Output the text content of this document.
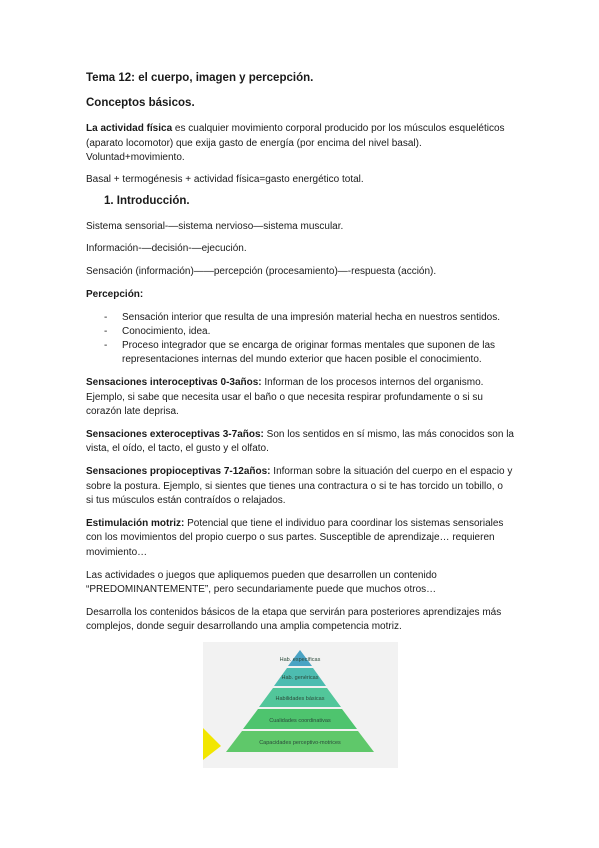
Tema 12: el cuerpo, imagen y percepción.
Conceptos básicos.
La actividad física es cualquier movimiento corporal producido por los músculos esqueléticos
(aparato locomotor) que exija gasto de energía (por encima del nivel basal).
Voluntad+movimiento.
Basal + termogénesis + actividad física=gasto energético total.
1. Introducción.
Sistema sensorial-—sistema nervioso—sistema muscular.
Información-—decisión-—ejecución.
Sensación (información)——percepción (procesamiento)—-respuesta (acción).
Percepción:
- Sensación interior que resulta de una impresión material hecha en nuestros sentidos.
- Conocimiento, idea.
- Proceso integrador que se encarga de originar formas mentales que suponen de las
representaciones internas del mundo exterior que hacen posible el conocimiento.
Sensaciones interoceptivas 0-3años: Informan de los procesos internos del organismo.
Ejemplo, si sabe que necesita usar el baño o que necesita respirar profundamente o si su
corazón late deprisa.
Sensaciones exteroceptivas 3-7años: Son los sentidos en sí mismo, las más conocidos son la
vista, el oído, el tacto, el gusto y el olfato.
Sensaciones propioceptivas 7-12años: Informan sobre la situación del cuerpo en el espacio y
sobre la postura. Ejemplo, si sientes que tienes una contractura o si te has torcido un tobillo, o
si tus músculos están contraídos o relajados.
Estimulación motriz: Potencial que tiene el individuo para coordinar los sistemas sensoriales
con los movimientos del propio cuerpo o sus partes. Susceptible de aprendizaje… requieren
movimiento…
Las actividades o juegos que apliquemos pueden que desarrollen un contenido
“PREDOMINANTEMENTE”, pero secundariamente puede que muchos otros…
Desarrolla los contenidos básicos de la etapa que servirán para posteriores aprendizajes más
complejos, donde seguir desarrollando una amplia competencia motriz.
Hab. específicas
Hab. genéricas
Habilidades básicas
Cualidades coordinativas
Capacidades perceptivo-motrices
